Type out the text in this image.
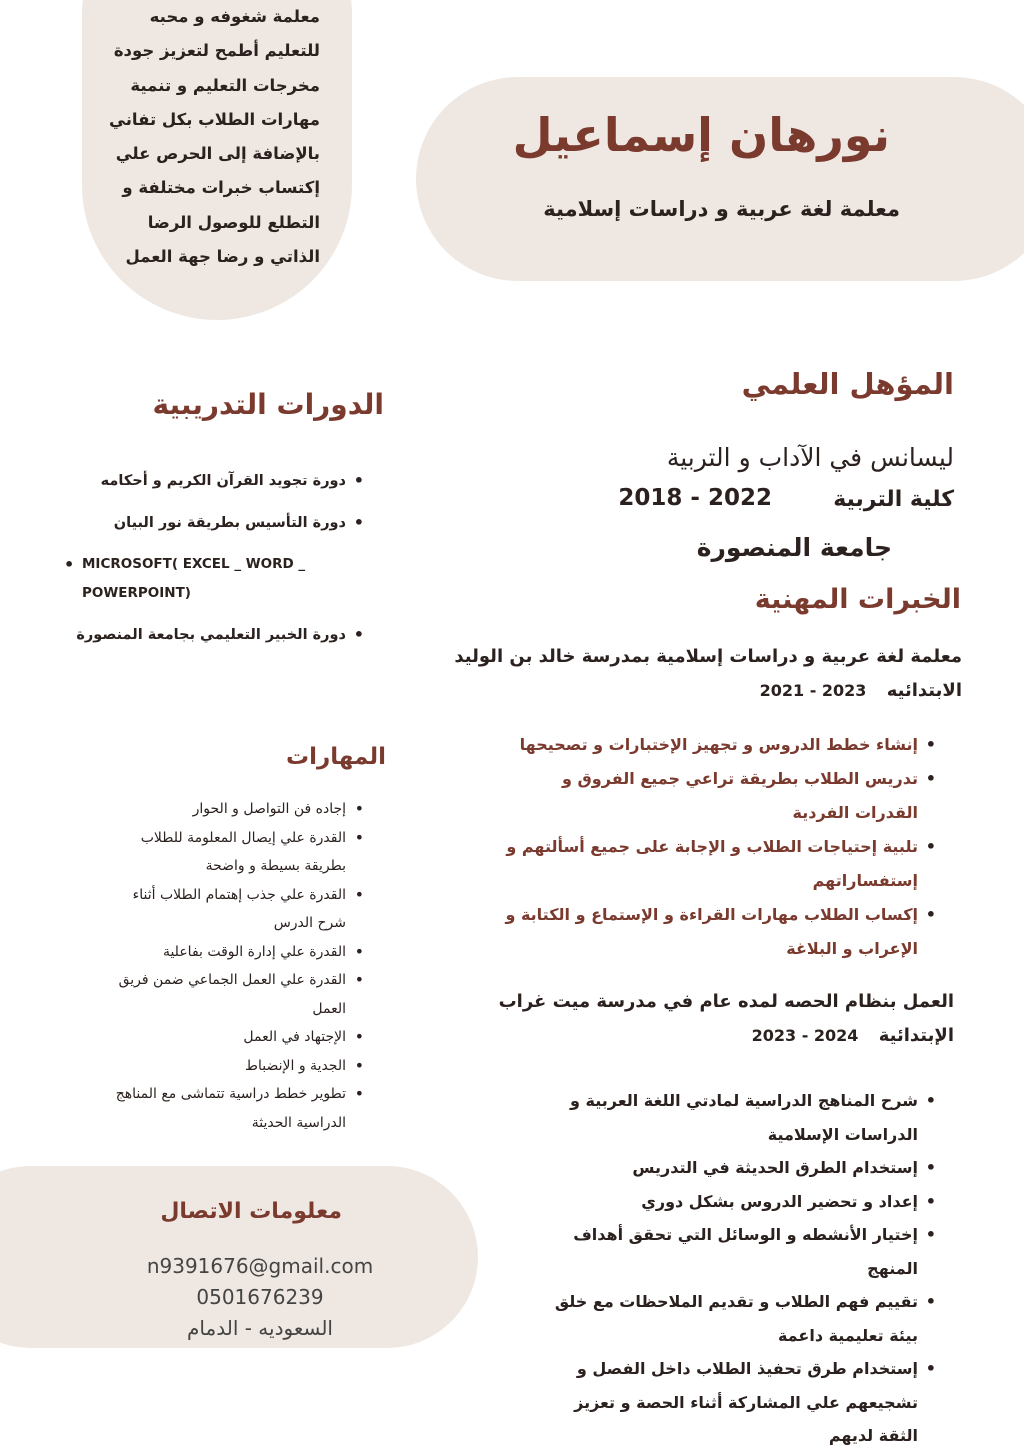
معلمة شغوفه و محبه للتعليم أطمح لتعزيز جودة مخرجات التعليم و تنمية مهارات الطلاب بكل تفاني بالإضافة إلى الحرص علي إكتساب خبرات مختلفة و التطلع للوصول الرضا الذاتي و رضا جهة العمل

نورهان إسماعيل
معلمة لغة عربية و دراسات إسلامية
المؤهل العلمي
ليسانس في الآداب و التربية
كلية التربية
2018 - 2022
جامعة المنصورة
الخبرات المهنية
معلمة لغة عربية و دراسات إسلامية بمدرسة خالد بن الوليد الابتدائيه 2021 - 2023
• إنشاء خطط الدروس و تجهيز الإختبارات و تصحيحها
• تدريس الطلاب بطريقة تراعي جميع الفروق و القدرات الفردية
• تلبية إحتياجات الطلاب و الإجابة على جميع أسألتهم و إستفساراتهم
• إكساب الطلاب مهارات القراءة و الإستماع و الكتابة و الإعراب و البلاغة
العمل بنظام الحصه لمده عام في مدرسة ميت غراب الإبتدائية 2023 - 2024
• شرح المناهج الدراسية لمادتي اللغة العربية و الدراسات الإسلامية
• إستخدام الطرق الحديثة في التدريس
• إعداد و تحضير الدروس بشكل دوري
• إختيار الأنشطه و الوسائل التي تحقق أهداف المنهج
• تقييم فهم الطلاب و تقديم الملاحظات مع خلق بيئة تعليمية داعمة
• إستخدام طرق تحفيذ الطلاب داخل الفصل و تشجيعهم علي المشاركة أثناء الحصة و تعزيز الثقة لديهم
الدورات التدريبية
• دورة تجويد القرآن الكريم و أحكامه
• دورة التأسيس بطريقة نور البيان
• MICROSOFT( EXCEL _ WORD _ POWERPOINT)
• دورة الخبير التعليمي بجامعة المنصورة
المهارات
• إجاده فن التواصل و الحوار
• القدرة علي إيصال المعلومة للطلاب بطريقة بسيطة و واضحة
• القدرة علي جذب إهتمام الطلاب أثناء شرح الدرس
• القدرة علي إدارة الوقت بفاعلية
• القدرة علي العمل الجماعي ضمن فريق العمل
• الإجتهاد في العمل
• الجدية و الإنضباط
• تطوير خطط دراسية تتماشى مع المناهج الدراسية الحديثة
معلومات الاتصال
n9391676@gmail.com
0501676239
السعوديه - الدمام
